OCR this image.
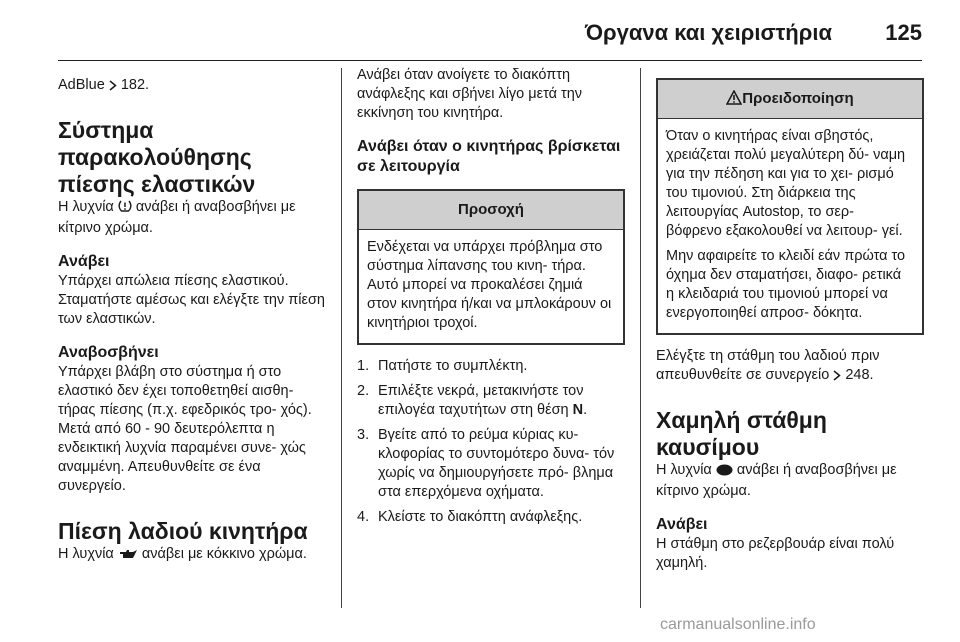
Όργανα και χειριστήρια 125

AdBlue 182.

Σύστημα παρακολούθησης πίεσης ελαστικών

Η λυχνία ανάβει ή αναβοσβήνει με κίτρινο χρώμα.

Ανάβει

Υπάρχει απώλεια πίεσης ελαστικού. Σταματήστε αμέσως και ελέγξτε την πίεση των ελαστικών.

Αναβοσβήνει

Υπάρχει βλάβη στο σύστημα ή στο ελαστικό δεν έχει τοποθετηθεί αισθη- τήρας πίεσης (π.χ. εφεδρικός τρο- χός). Μετά από 60 - 90 δευτερόλεπτα η ενδεικτική λυχνία παραμένει συνε- χώς αναμμένη. Απευθυνθείτε σε ένα συνεργείο.

Πίεση λαδιού κινητήρα

Η λυχνία ανάβει με κόκκινο χρώμα.

Ανάβει όταν ανοίγετε το διακόπτη ανάφλεξης και σβήνει λίγο μετά την εκκίνηση του κινητήρα.

Ανάβει όταν ο κινητήρας βρίσκεται σε λειτουργία
Προσοχή

Ενδέχεται να υπάρχει πρόβλημα στο σύστημα λίπανσης του κινη- τήρα. Αυτό μπορεί να προκαλέσει ζημιά στον κινητήρα ή/και να μπλοκάρουν οι κινητήριοι τροχοί.

1. Πατήστε το συμπλέκτη.
2. Επιλέξτε νεκρά, μετακινήστε τον επιλογέα ταχυτήτων στη θέση N.
3. Βγείτε από το ρεύμα κύριας κυ- κλοφορίας το συντομότερο δυνα- τόν χωρίς να δημιουργήσετε πρό- βλημα στα επερχόμενα οχήματα.
4. Κλείστε το διακόπτη ανάφλεξης.
Προειδοποίηση

Όταν ο κινητήρας είναι σβηστός, χρειάζεται πολύ μεγαλύτερη δύ- ναμη για την πέδηση και για το χει- ρισμό του τιμονιού. Στη διάρκεια της λειτουργίας Autostop, το σερ- βόφρενο εξακολουθεί να λειτουρ- γεί.

Μην αφαιρείτε το κλειδί εάν πρώτα το όχημα δεν σταματήσει, διαφο- ρετικά η κλειδαριά του τιμονιού μπορεί να ενεργοποιηθεί απροσ- δόκητα.

Ελέγξτε τη στάθμη του λαδιού πριν απευθυνθείτε σε συνεργείο 248.

Χαμηλή στάθμη καυσίμου

Η λυχνία ανάβει ή αναβοσβήνει με κίτρινο χρώμα.

Ανάβει

Η στάθμη στο ρεζερβουάρ είναι πολύ χαμηλή.

carmanualsonline.info
